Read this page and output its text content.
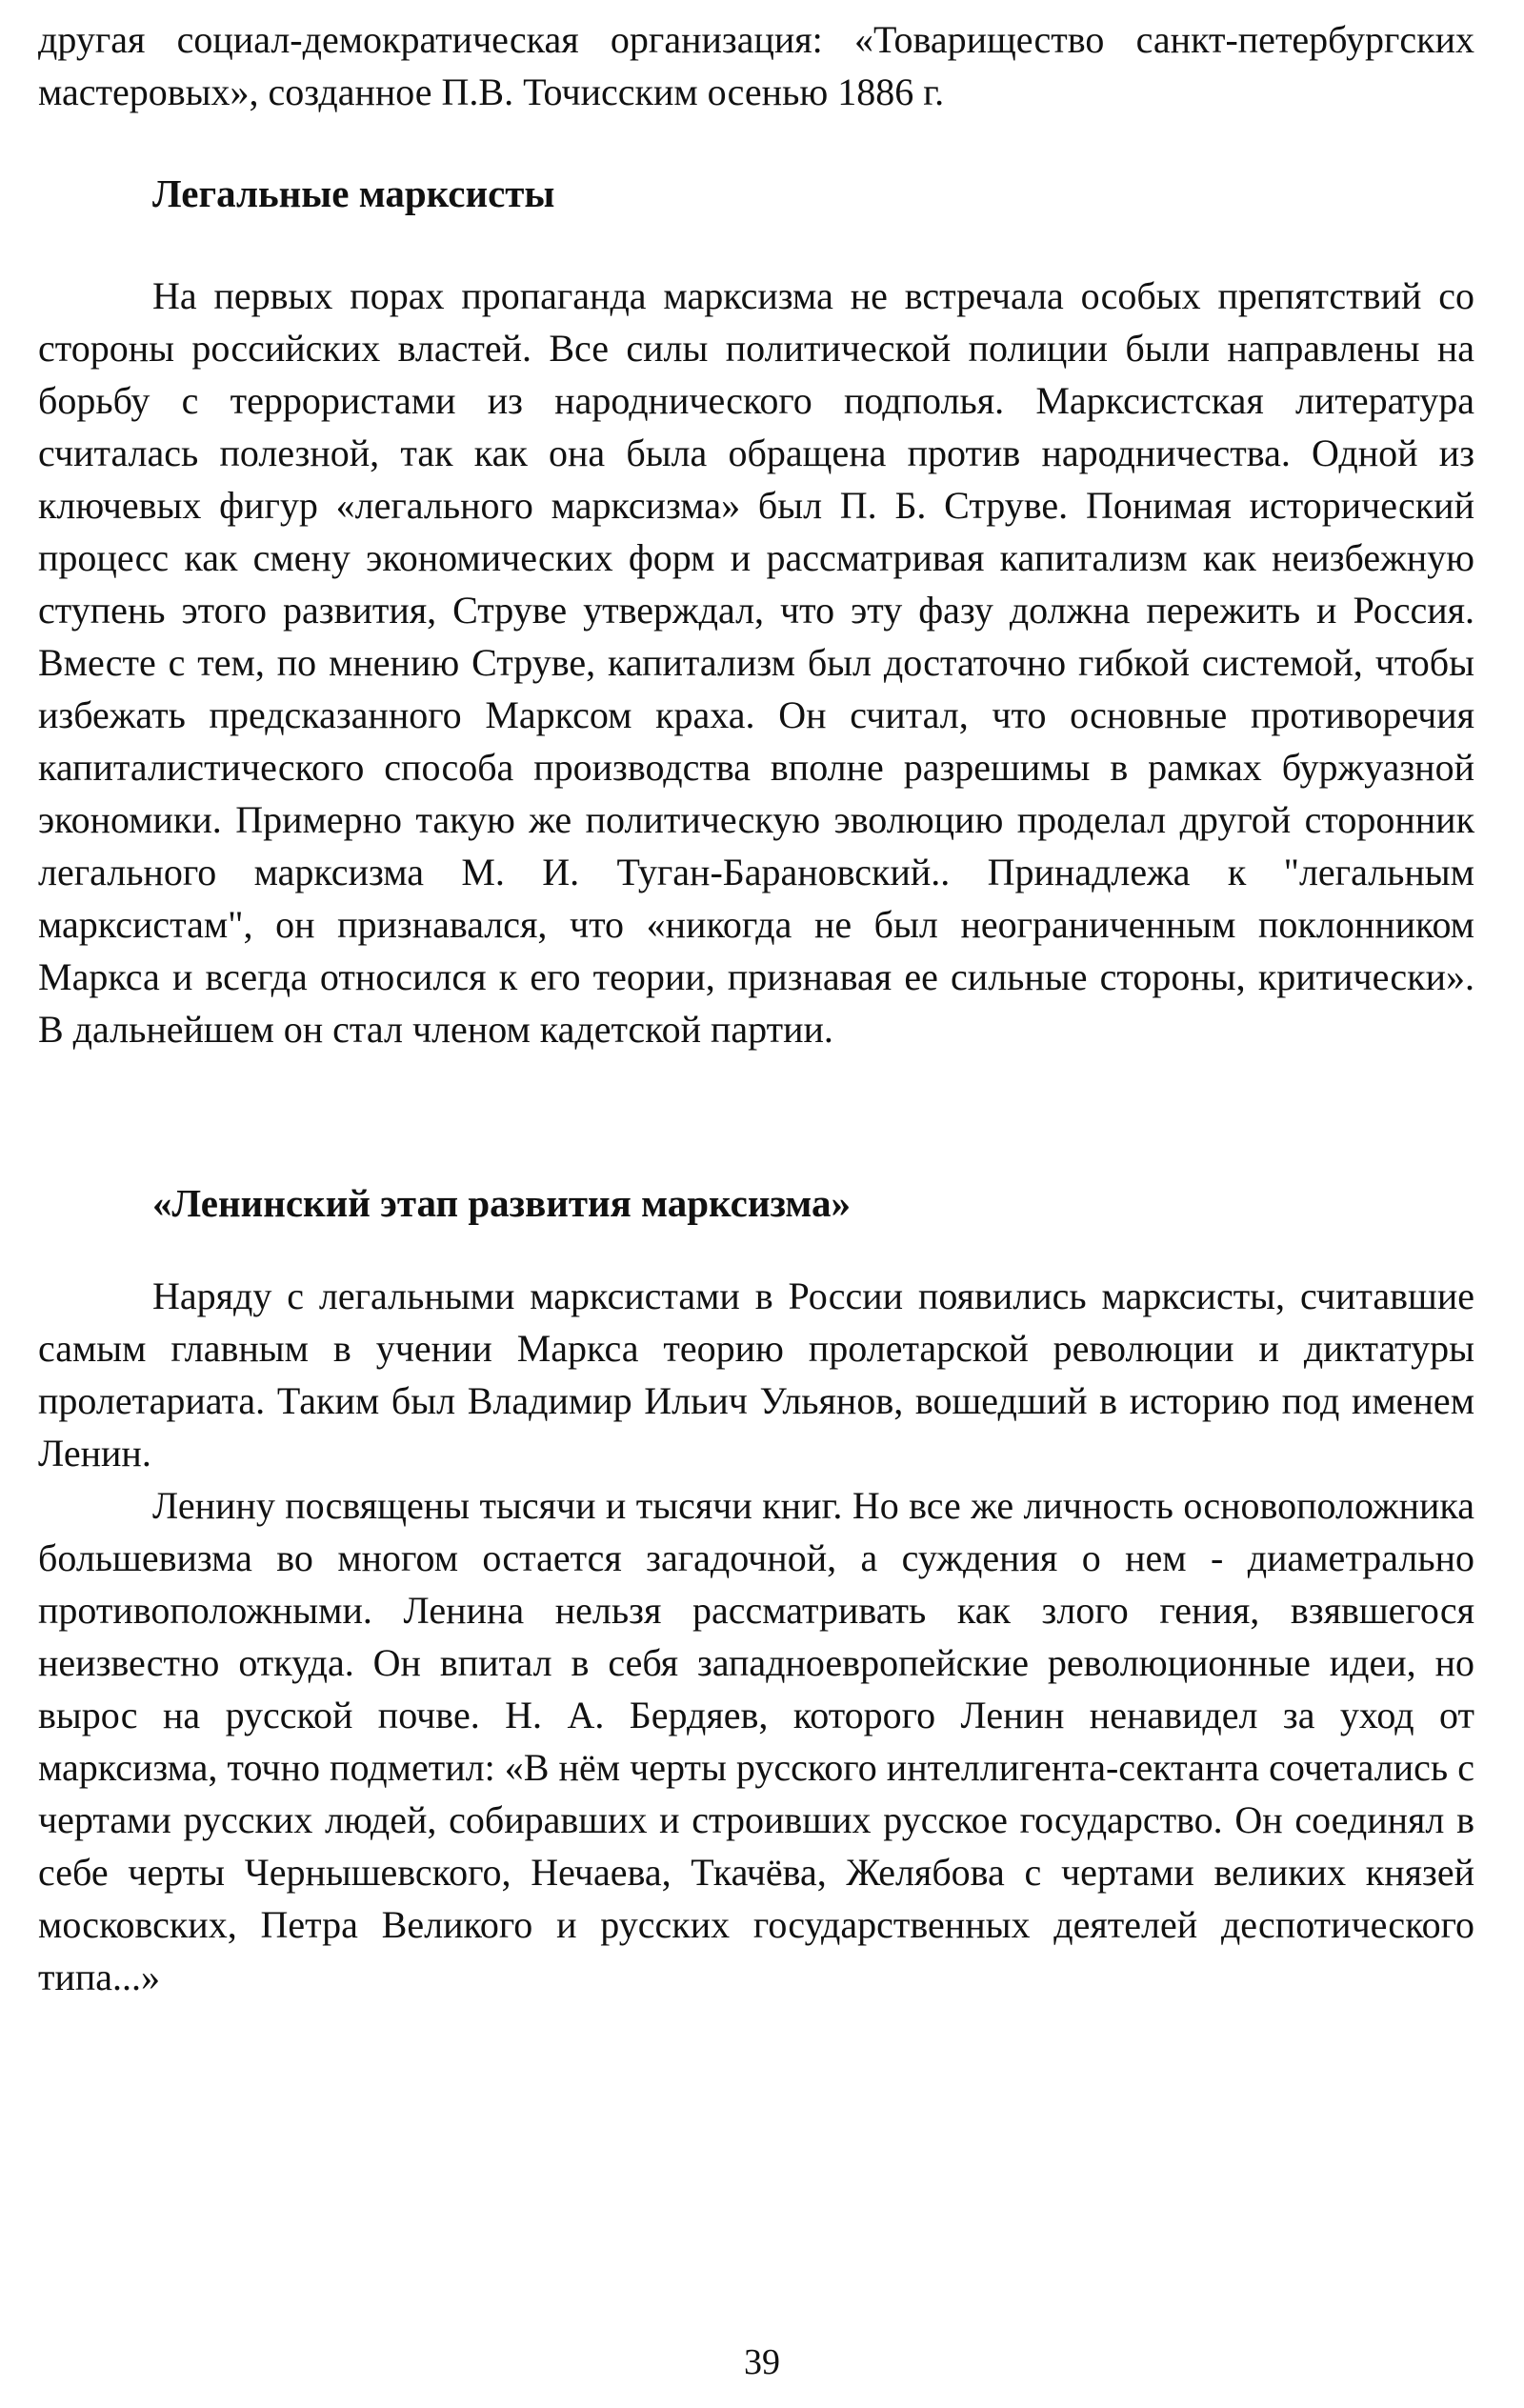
другая социал-демократическая организация: «Товарищество санкт-петербургских мастеровых», созданное П.В. Точисским осенью 1886 г.

Легальные марксисты

На первых порах пропаганда марксизма не встречала особых препятствий со стороны российских властей. Все силы политической полиции были направлены на борьбу с террористами из народнического подполья. Марксистская литература считалась полезной, так как она была обращена против народничества. Одной из ключевых фигур «легального марксизма» был П. Б. Струве. Понимая исторический процесс как смену экономических форм и рассматривая капитализм как неизбежную ступень этого развития, Струве утверждал, что эту фазу должна пережить и Россия. Вместе с тем, по мнению Струве, капитализм был достаточно гибкой системой, чтобы избежать предсказанного Марксом краха. Он считал, что основные противоречия капиталистического способа производства вполне разрешимы в рамках буржуазной экономики. Примерно такую же политическую эволюцию проделал другой сторонник легального марксизма М. И. Туган-Барановский.. Принадлежа к "легальным марксистам", он признавался, что «никогда не был неограниченным поклонником Маркса и всегда относился к его теории, признавая ее сильные стороны, критически». В дальнейшем он стал членом кадетской партии.

«Ленинский этап развития марксизма»

Наряду с легальными марксистами в России появились марксисты, считавшие самым главным в учении Маркса теорию пролетарской революции и диктатуры пролетариата. Таким был Владимир Ильич Ульянов, вошедший в историю под именем Ленин.

Ленину посвящены тысячи и тысячи книг. Но все же личность основоположника большевизма во многом остается загадочной, а суждения о нем - диаметрально противоположными. Ленина нельзя рассматривать как злого гения, взявшегося неизвестно откуда. Он впитал в себя западноевропейские революционные идеи, но вырос на русской почве. Н. А. Бердяев, которого Ленин ненавидел за уход от марксизма, точно подметил: «В нём черты русского интеллигента-сектанта сочетались с чертами русских людей, собиравших и строивших русское государство. Он соединял в себе черты Чернышевского, Нечаева, Ткачёва, Желябова с чертами великих князей московских, Петра Великого и русских государственных деятелей деспотического типа...»

39
